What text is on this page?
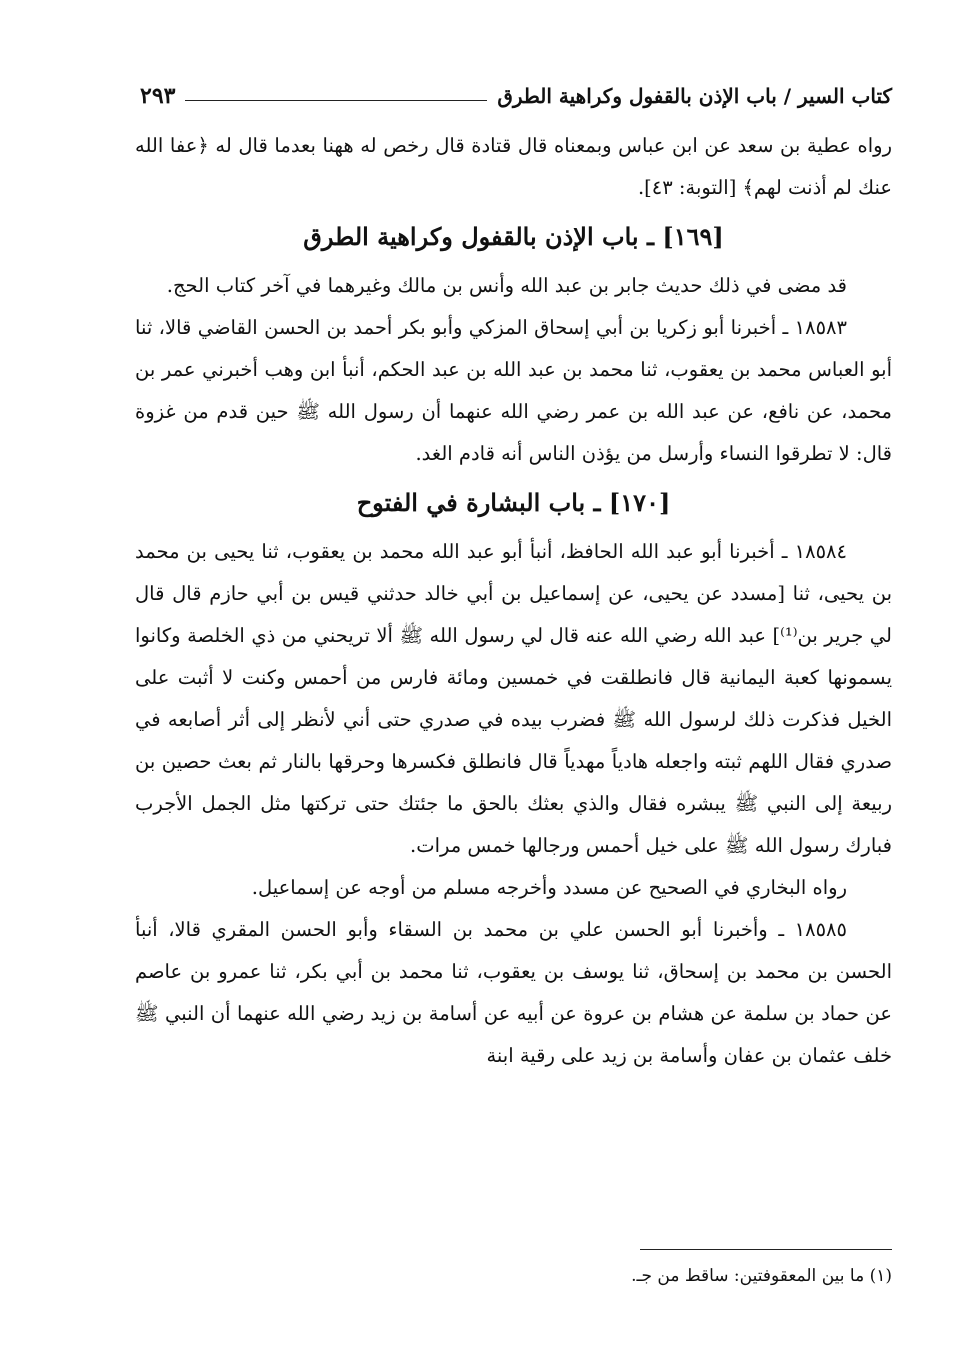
كتاب السير / باب الإذن بالقفول وكراهية الطرق
٢٩٣

رواه عطية بن سعد عن ابن عباس وبمعناه قال قتادة قال رخص له ههنا بعدما قال له ﴿عفا الله عنك لم أذنت لهم﴾ [التوبة: ٤٣].

[١٦٩] ـ باب الإذن بالقفول وكراهية الطرق

قد مضى في ذلك حديث جابر بن عبد الله وأنس بن مالك وغيرهما في آخر كتاب الحج.

١٨٥٨٣ ـ أخبرنا أبو زكريا بن أبي إسحاق المزكي وأبو بكر أحمد بن الحسن القاضي قالا، ثنا أبو العباس محمد بن يعقوب، ثنا محمد بن عبد الله بن عبد الحكم، أنبأ ابن وهب أخبرني عمر بن محمد، عن نافع، عن عبد الله بن عمر رضي الله عنهما أن رسول الله ﷺ حين قدم من غزوة قال: لا تطرقوا النساء وأرسل من يؤذن الناس أنه قادم الغد.

[١٧٠] ـ باب البشارة في الفتوح

١٨٥٨٤ ـ أخبرنا أبو عبد الله الحافظ، أنبأ أبو عبد الله محمد بن يعقوب، ثنا يحيى بن محمد بن يحيى، ثنا [مسدد عن يحيى، عن إسماعيل بن أبي خالد حدثني قيس بن أبي حازم قال قال لي جرير بن⁽¹⁾] عبد الله رضي الله عنه قال لي رسول الله ﷺ ألا تريحني من ذي الخلصة وكانوا يسمونها كعبة اليمانية قال فانطلقت في خمسين ومائة فارس من أحمس وكنت لا أثبت على الخيل فذكرت ذلك لرسول الله ﷺ فضرب بيده في صدري حتى أني لأنظر إلى أثر أصابعه في صدري فقال اللهم ثبته واجعله هادياً مهدياً قال فانطلق فكسرها وحرقها بالنار ثم بعث حصين بن ربيعة إلى النبي ﷺ يبشره فقال والذي بعثك بالحق ما جئتك حتى تركتها مثل الجمل الأجرب فبارك رسول الله ﷺ على خيل أحمس ورجالها خمس مرات.

رواه البخاري في الصحيح عن مسدد وأخرجه مسلم من أوجه عن إسماعيل.

١٨٥٨٥ ـ وأخبرنا أبو الحسن علي بن محمد بن السقاء وأبو الحسن المقري قالا، أنبأ الحسن بن محمد بن إسحاق، ثنا يوسف بن يعقوب، ثنا محمد بن أبي بكر، ثنا عمرو بن عاصم عن حماد بن سلمة عن هشام بن عروة عن أبيه عن أسامة بن زيد رضي الله عنهما أن النبي ﷺ خلف عثمان بن عفان وأسامة بن زيد على رقية ابنة

(١) ما بين المعقوفتين: ساقط من جـ.
